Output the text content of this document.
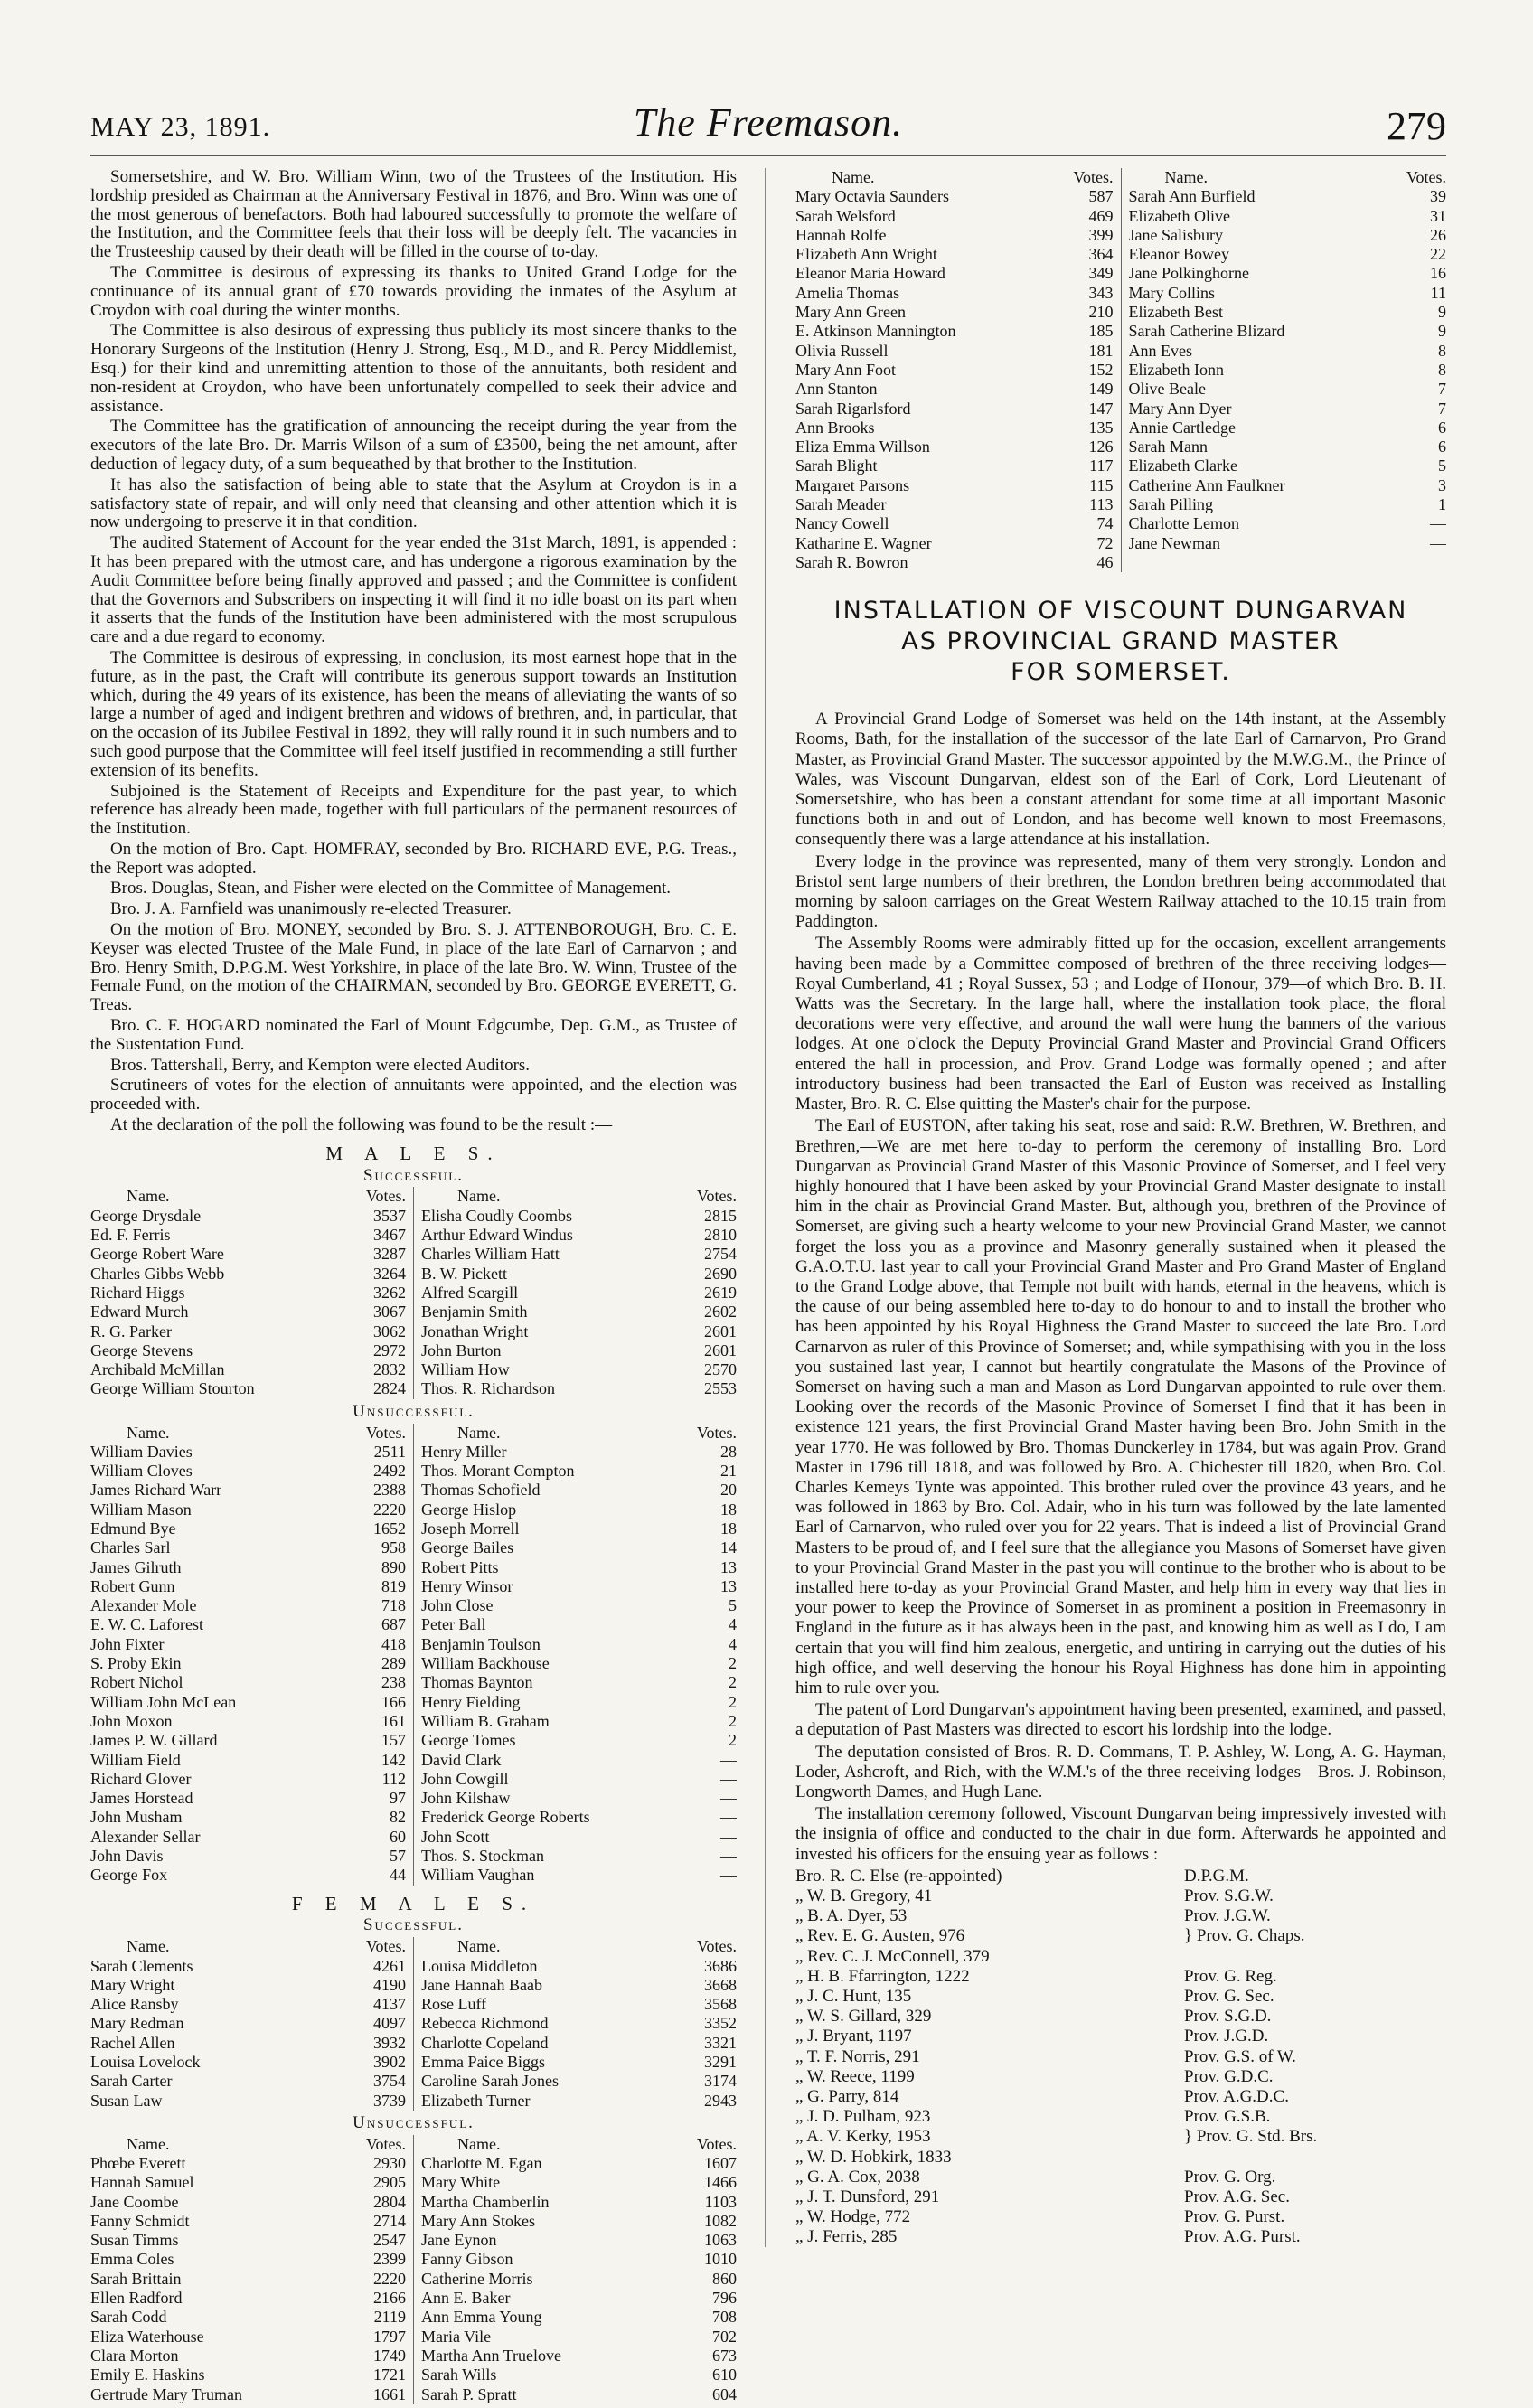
MAY 23, 1891.	The Freemason.	279

Somersetshire, and W. Bro. William Winn, two of the Trustees of the Institution. His lordship presided as Chairman at the Anniversary Festival in 1876, and Bro. Winn was one of the most generous of benefactors. Both had laboured successfully to promote the welfare of the Institution, and the Committee feels that their loss will be deeply felt. The vacancies in the Trusteeship caused by their death will be filled in the course of to-day.

The Committee is desirous of expressing its thanks to United Grand Lodge for the continuance of its annual grant of £70 towards providing the inmates of the Asylum at Croydon with coal during the winter months.

The Committee is also desirous of expressing thus publicly its most sincere thanks to the Honorary Surgeons of the Institution (Henry J. Strong, Esq., M.D., and R. Percy Middlemist, Esq.) for their kind and unremitting attention to those of the annuitants, both resident and non-resident at Croydon, who have been unfortunately compelled to seek their advice and assistance.

The Committee has the gratification of announcing the receipt during the year from the executors of the late Bro. Dr. Marris Wilson of a sum of £3500, being the net amount, after deduction of legacy duty, of a sum bequeathed by that brother to the Institution.

It has also the satisfaction of being able to state that the Asylum at Croydon is in a satisfactory state of repair, and will only need that cleansing and other attention which it is now undergoing to preserve it in that condition.

The audited Statement of Account for the year ended the 31st March, 1891, is appended : It has been prepared with the utmost care, and has undergone a rigorous examination by the Audit Committee before being finally approved and passed ; and the Committee is confident that the Governors and Subscribers on inspecting it will find it no idle boast on its part when it asserts that the funds of the Institution have been administered with the most scrupulous care and a due regard to economy.

The Committee is desirous of expressing, in conclusion, its most earnest hope that in the future, as in the past, the Craft will contribute its generous support towards an Institution which, during the 49 years of its existence, has been the means of alleviating the wants of so large a number of aged and indigent brethren and widows of brethren, and, in particular, that on the occasion of its Jubilee Festival in 1892, they will rally round it in such numbers and to such good purpose that the Committee will feel itself justified in recommending a still further extension of its benefits.

Subjoined is the Statement of Receipts and Expenditure for the past year, to which reference has already been made, together with full particulars of the permanent resources of the Institution.

On the motion of Bro. Capt. HOMFRAY, seconded by Bro. RICHARD EVE, P.G. Treas., the Report was adopted.

Bros. Douglas, Stean, and Fisher were elected on the Committee of Management.

Bro. J. A. Farnfield was unanimously re-elected Treasurer.

On the motion of Bro. MONEY, seconded by Bro. S. J. ATTENBOROUGH, Bro. C. E. Keyser was elected Trustee of the Male Fund, in place of the late Earl of Carnarvon ; and Bro. Henry Smith, D.P.G.M. West Yorkshire, in place of the late Bro. W. Winn, Trustee of the Female Fund, on the motion of the CHAIRMAN, seconded by Bro. GEORGE EVERETT, G. Treas.

Bro. C. F. HOGARD nominated the Earl of Mount Edgcumbe, Dep. G.M., as Trustee of the Sustentation Fund.

Bros. Tattershall, Berry, and Kempton were elected Auditors.

Scrutineers of votes for the election of annuitants were appointed, and the election was proceeded with.

At the declaration of the poll the following was found to be the result :—

M A L E S.
Successful.
Name.	Votes.
George Drysdale	3537
Ed. F. Ferris	3467
George Robert Ware	3287
Charles Gibbs Webb	3264
Richard Higgs	3262
Edward Murch	3067
R. G. Parker	3062
George Stevens	2972
Archibald McMillan	2832
George William Stourton	2824
Name.	Votes.
Elisha Coudly Coombs	2815
Arthur Edward Windus	2810
Charles William Hatt	2754
B. W. Pickett	2690
Alfred Scargill	2619
Benjamin Smith	2602
Jonathan Wright	2601
John Burton	2601
William How	2570
Thos. R. Richardson	2553
Unsuccessful.
Name.	Votes.
William Davies	2511
William Cloves	2492
James Richard Warr	2388
William Mason	2220
Edmund Bye	1652
Charles Sarl	958
James Gilruth	890
Robert Gunn	819
Alexander Mole	718
E. W. C. Laforest	687
John Fixter	418
S. Proby Ekin	289
Robert Nichol	238
William John McLean	166
John Moxon	161
James P. W. Gillard	157
William Field	142
Richard Glover	112
James Horstead	97
John Musham	82
Alexander Sellar	60
John Davis	57
George Fox	44
Name.	Votes.
Henry Miller	28
Thos. Morant Compton	21
Thomas Schofield	20
George Hislop	18
Joseph Morrell	18
George Bailes	14
Robert Pitts	13
Henry Winsor	13
John Close	5
Peter Ball	4
Benjamin Toulson	4
William Backhouse	2
Thomas Baynton	2
Henry Fielding	2
William B. Graham	2
George Tomes	2
David Clark	—
John Cowgill	—
John Kilshaw	—
Frederick George Roberts	—
John Scott	—
Thos. S. Stockman	—
William Vaughan	—
F E M A L E S.
Successful.
Name.	Votes.
Sarah Clements	4261
Mary Wright	4190
Alice Ransby	4137
Mary Redman	4097
Rachel Allen	3932
Louisa Lovelock	3902
Sarah Carter	3754
Susan Law	3739
Name.	Votes.
Louisa Middleton	3686
Jane Hannah Baab	3668
Rose Luff	3568
Rebecca Richmond	3352
Charlotte Copeland	3321
Emma Paice Biggs	3291
Caroline Sarah Jones	3174
Elizabeth Turner	2943
Unsuccessful.
Name.	Votes.
Phœbe Everett	2930
Hannah Samuel	2905
Jane Coombe	2804
Fanny Schmidt	2714
Susan Timms	2547
Emma Coles	2399
Sarah Brittain	2220
Ellen Radford	2166
Sarah Codd	2119
Eliza Waterhouse	1797
Clara Morton	1749
Emily E. Haskins	1721
Gertrude Mary Truman	1661
Name.	Votes.
Charlotte M. Egan	1607
Mary White	1466
Martha Chamberlin	1103
Mary Ann Stokes	1082
Jane Eynon	1063
Fanny Gibson	1010
Catherine Morris	860
Ann E. Baker	796
Ann Emma Young	708
Maria Vile	702
Martha Ann Truelove	673
Sarah Wills	610
Sarah P. Spratt	604
Name.	Votes.
Mary Octavia Saunders	587
Sarah Welsford	469
Hannah Rolfe	399
Elizabeth Ann Wright	364
Eleanor Maria Howard	349
Amelia Thomas	343
Mary Ann Green	210
E. Atkinson Mannington	185
Olivia Russell	181
Mary Ann Foot	152
Ann Stanton	149
Sarah Rigarlsford	147
Ann Brooks	135
Eliza Emma Willson	126
Sarah Blight	117
Margaret Parsons	115
Sarah Meader	113
Nancy Cowell	74
Katharine E. Wagner	72
Sarah R. Bowron	46
Name.	Votes.
Sarah Ann Burfield	39
Elizabeth Olive	31
Jane Salisbury	26
Eleanor Bowey	22
Jane Polkinghorne	16
Mary Collins	11
Elizabeth Best	9
Sarah Catherine Blizard	9
Ann Eves	8
Elizabeth Ionn	8
Olive Beale	7
Mary Ann Dyer	7
Annie Cartledge	6
Sarah Mann	6
Elizabeth Clarke	5
Catherine Ann Faulkner	3
Sarah Pilling	1
Charlotte Lemon	—
Jane Newman	—
INSTALLATION OF VISCOUNT DUNGARVAN
AS PROVINCIAL GRAND MASTER
FOR SOMERSET.

A Provincial Grand Lodge of Somerset was held on the 14th instant, at the Assembly Rooms, Bath, for the installation of the successor of the late Earl of Carnarvon, Pro Grand Master, as Provincial Grand Master. The successor appointed by the M.W.G.M., the Prince of Wales, was Viscount Dungarvan, eldest son of the Earl of Cork, Lord Lieutenant of Somersetshire, who has been a constant attendant for some time at all important Masonic functions both in and out of London, and has become well known to most Freemasons, consequently there was a large attendance at his installation.

Every lodge in the province was represented, many of them very strongly. London and Bristol sent large numbers of their brethren, the London brethren being accommodated that morning by saloon carriages on the Great Western Railway attached to the 10.15 train from Paddington.

The Assembly Rooms were admirably fitted up for the occasion, excellent arrangements having been made by a Committee composed of brethren of the three receiving lodges—Royal Cumberland, 41 ; Royal Sussex, 53 ; and Lodge of Honour, 379—of which Bro. B. H. Watts was the Secretary. In the large hall, where the installation took place, the floral decorations were very effective, and around the wall were hung the banners of the various lodges. At one o'clock the Deputy Provincial Grand Master and Provincial Grand Officers entered the hall in procession, and Prov. Grand Lodge was formally opened ; and after introductory business had been transacted the Earl of Euston was received as Installing Master, Bro. R. C. Else quitting the Master's chair for the purpose.

The Earl of EUSTON, after taking his seat, rose and said: R.W. Brethren, W. Brethren, and Brethren,—We are met here to-day to perform the ceremony of installing Bro. Lord Dungarvan as Provincial Grand Master of this Masonic Province of Somerset, and I feel very highly honoured that I have been asked by your Provincial Grand Master designate to install him in the chair as Provincial Grand Master. But, although you, brethren of the Province of Somerset, are giving such a hearty welcome to your new Provincial Grand Master, we cannot forget the loss you as a province and Masonry generally sustained when it pleased the G.A.O.T.U. last year to call your Provincial Grand Master and Pro Grand Master of England to the Grand Lodge above, that Temple not built with hands, eternal in the heavens, which is the cause of our being assembled here to-day to do honour to and to install the brother who has been appointed by his Royal Highness the Grand Master to succeed the late Bro. Lord Carnarvon as ruler of this Province of Somerset; and, while sympathising with you in the loss you sustained last year, I cannot but heartily congratulate the Masons of the Province of Somerset on having such a man and Mason as Lord Dungarvan appointed to rule over them. Looking over the records of the Masonic Province of Somerset I find that it has been in existence 121 years, the first Provincial Grand Master having been Bro. John Smith in the year 1770. He was followed by Bro. Thomas Dunckerley in 1784, but was again Prov. Grand Master in 1796 till 1818, and was followed by Bro. A. Chichester till 1820, when Bro. Col. Charles Kemeys Tynte was appointed. This brother ruled over the province 43 years, and he was followed in 1863 by Bro. Col. Adair, who in his turn was followed by the late lamented Earl of Carnarvon, who ruled over you for 22 years. That is indeed a list of Provincial Grand Masters to be proud of, and I feel sure that the allegiance you Masons of Somerset have given to your Provincial Grand Master in the past you will continue to the brother who is about to be installed here to-day as your Provincial Grand Master, and help him in every way that lies in your power to keep the Province of Somerset in as prominent a position in Freemasonry in England in the future as it has always been in the past, and knowing him as well as I do, I am certain that you will find him zealous, energetic, and untiring in carrying out the duties of his high office, and well deserving the honour his Royal Highness has done him in appointing him to rule over you.

The patent of Lord Dungarvan's appointment having been presented, examined, and passed, a deputation of Past Masters was directed to escort his lordship into the lodge.

The deputation consisted of Bros. R. D. Commans, T. P. Ashley, W. Long, A. G. Hayman, Loder, Ashcroft, and Rich, with the W.M.'s of the three receiving lodges—Bros. J. Robinson, Longworth Dames, and Hugh Lane.

The installation ceremony followed, Viscount Dungarvan being impressively invested with the insignia of office and conducted to the chair in due form. Afterwards he appointed and invested his officers for the ensuing year as follows :

Bro. R. C. Else (re-appointed)	D.P.G.M.
„ W. B. Gregory, 41	Prov. S.G.W.
„ B. A. Dyer, 53	Prov. J.G.W.
„ Rev. E. G. Austen, 976	} Prov. G. Chaps.
„ Rev. C. J. McConnell, 379
„ H. B. Ffarrington, 1222	Prov. G. Reg.
„ J. C. Hunt, 135	Prov. G. Sec.
„ W. S. Gillard, 329	Prov. S.G.D.
„ J. Bryant, 1197	Prov. J.G.D.
„ T. F. Norris, 291	Prov. G.S. of W.
„ W. Reece, 1199	Prov. G.D.C.
„ G. Parry, 814	Prov. A.G.D.C.
„ J. D. Pulham, 923	Prov. G.S.B.
„ A. V. Kerky, 1953	} Prov. G. Std. Brs.
„ W. D. Hobkirk, 1833
„ G. A. Cox, 2038	Prov. G. Org.
„ J. T. Dunsford, 291	Prov. A.G. Sec.
„ W. Hodge, 772	Prov. G. Purst.
„ J. Ferris, 285	Prov. A.G. Purst.
